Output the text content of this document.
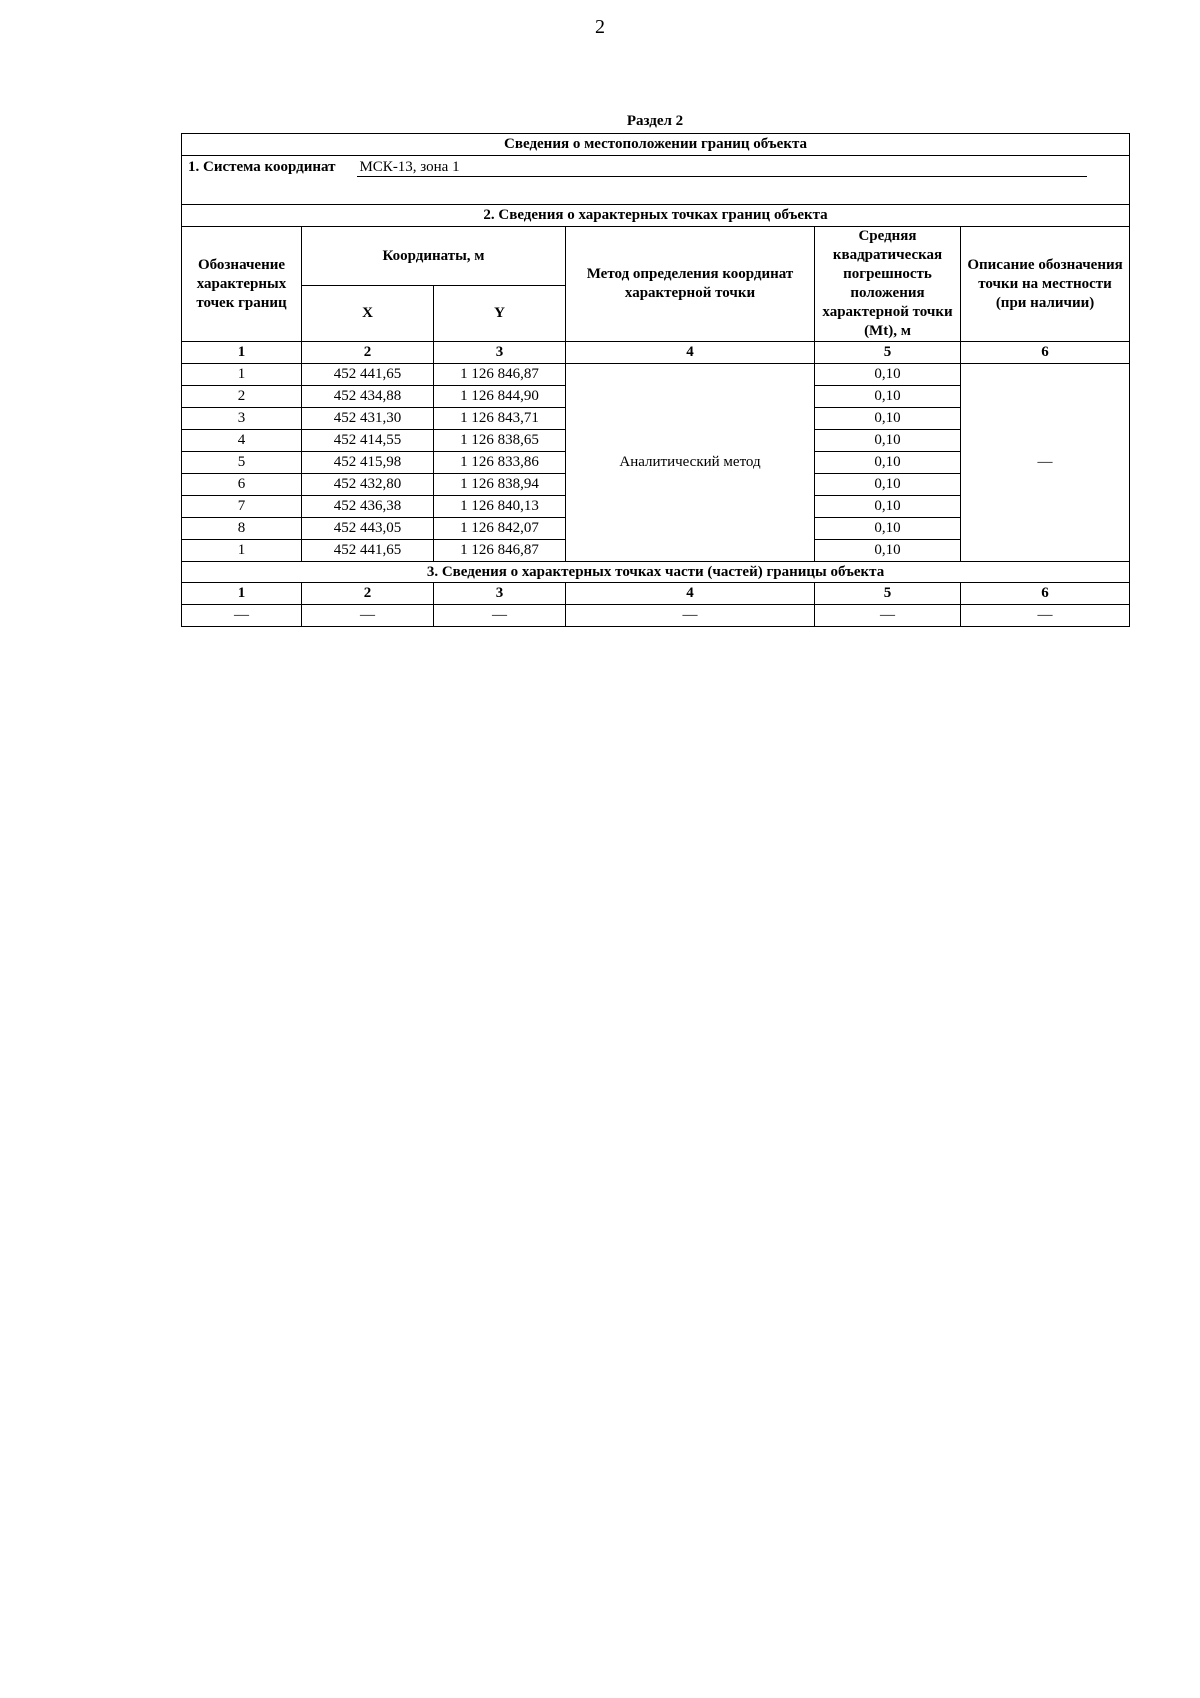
2
Раздел 2
Сведения о местоположении границ объекта					
1. Система координат МСК-13, зона 1					
2. Сведения о характерных точках границ объекта					
Обозначение характерных точек границ	Координаты, м		Метод определения координат характерной точки	Средняя квадратическая погрешность положения характерной точки (Mt), м	Описание обозначения точки на местности (при наличии)
	X	Y			
1	2	3	4	5	6
1	452 441,65	1 126 846,87	Аналитический метод	0,10	—
2	452 434,88	1 126 844,90		0,10	
3	452 431,30	1 126 843,71		0,10	
4	452 414,55	1 126 838,65		0,10	
5	452 415,98	1 126 833,86		0,10	
6	452 432,80	1 126 838,94		0,10	
7	452 436,38	1 126 840,13		0,10	
8	452 443,05	1 126 842,07		0,10	
1	452 441,65	1 126 846,87		0,10	
3. Сведения о характерных точках части (частей) границы объекта					
1	2	3	4	5	6
—	—	—	—	—	—
